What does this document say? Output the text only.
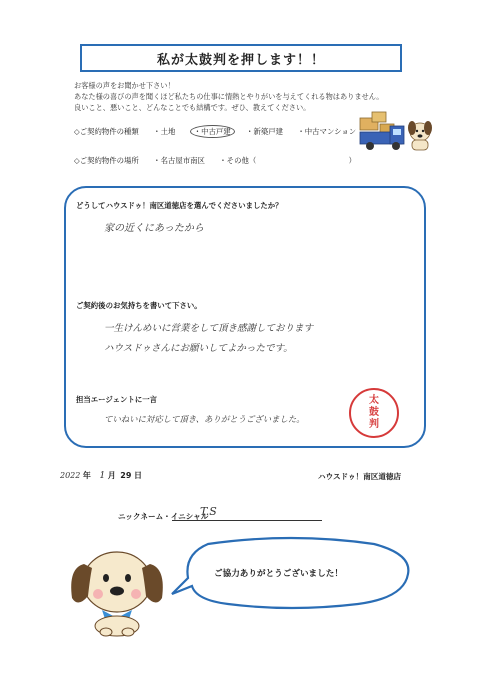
私が太鼓判を押します！！
お客様の声をお聞かせ下さい！
あなた様の喜びの声を聞くほど私たちの仕事に情熱とやりがいを与えてくれる物はありません。
良いこと、悪いこと、どんなことでも結構です。ぜひ、教えてください。
◇ご契約物件の種類 ・土地 ・中古戸建 ・新築戸建 ・中古マンション
◇ご契約物件の場所 ・名古屋市南区 ・その他（	）
どうしてハウスドゥ！南区道徳店を選んでくださいましたか？
家の近くにあったから
ご契約後のお気持ちを書いて下さい。
一生けんめいに営業をして頂き感謝しております
ハウスドゥさんにお願いしてよかったです。
担当エージェントに一言
ていねいに対応して頂き、ありがとうございました。
太
鼓
判
2022 年 1 月 29 日	ハウスドゥ！南区道徳店
ニックネーム・イニシャル
T.S
ご協力ありがとうございました！
